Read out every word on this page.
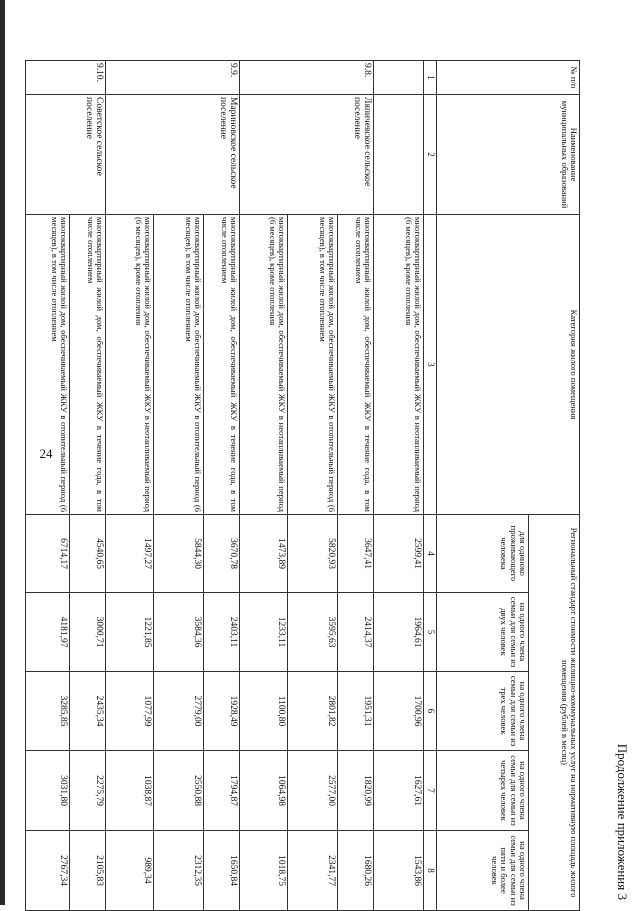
24
Продолжение приложения 3
№ п/п	Наименование муниципальных образований	Категория жилого помещения	Региональный стандарт стоимости жилищно-коммунальных услуг на нормативную площадь жилого помещения (рублей в месяц)				
			для одиноко проживающего человека	на одного члена семьи для семьи из двух человек	на одного члена семьи для семьи из трех человек	на одного члена семьи для семьи из четырех человек	на одного члена семьи для семьи из пяти и более человек
1	2	3	4	5	6	7	8
		многоквартирный жилой дом, обеспечиваемый ЖКУ в неотапливаемый период (6 месяцев), кроме отопления	2599,41	1964,61	1700,96	1627,61	1543,86
9.8.	Ляпичевское сельское поселение	многоквартирный жилой дом, обеспечиваемый ЖКУ в течение года, в том числе отоплением	3647,41	2414,37	1951,31	1820,99	1680,26
		многоквартирный жилой дом, обеспечиваемый ЖКУ в отопительный период (6 месяцев), в том числе отоплением	5820,93	3595,63	2801,82	2577,00	2341,77
		многоквартирный жилой дом, обеспечиваемый ЖКУ в неотапливаемый период (6 месяцев), кроме отопления	1473,89	1233,11	1100,80	1064,98	1018,75
9.9.	Мариновское сельское поселение	многоквартирный жилой дом, обеспечиваемый ЖКУ в течение года, в том числе отоплением	3670,78	2403,11	1928,49	1794,87	1650,84
		многоквартирный жилой дом, обеспечиваемый ЖКУ в отопительный период (6 месяцев), в том числе отоплением	5844,30	3584,36	2779,00	2550,88	2312,35
		многоквартирный жилой дом, обеспечиваемый ЖКУ в неотапливаемый период (6 месяцев), кроме отопления	1497,27	1221,85	1077,99	1038,87	989,34
9.10.	Советское сельское поселение	многоквартирный жилой дом, обеспечиваемый ЖКУ в течение года, в том числе отоплением	4540,65	3000,71	2435,34	2275,79	2105,83
		многоквартирный жилой дом, обеспечиваемый ЖКУ в отопительный период (6 месяцев), в том числе отоплением	6714,17	4181,97	3285,85	3031,80	2767,34
